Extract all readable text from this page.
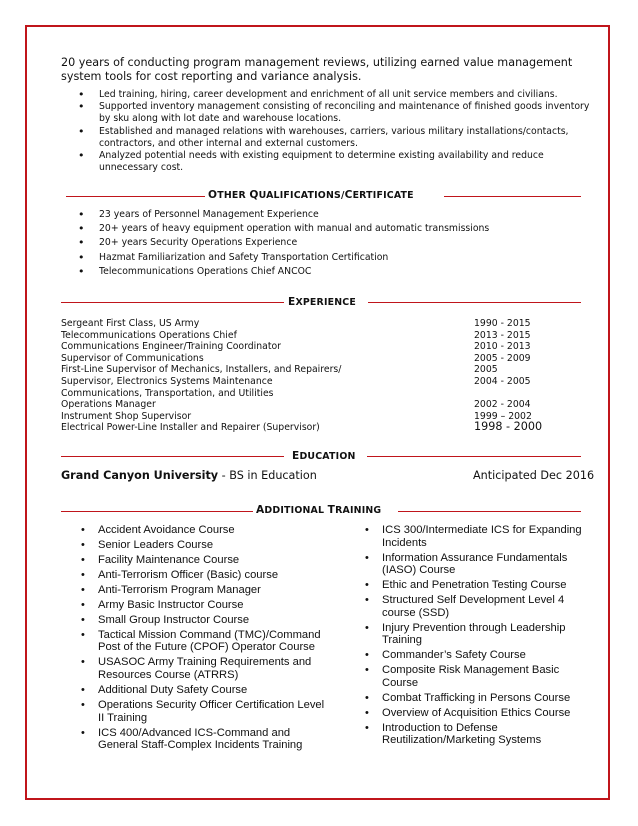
20 years of conducting program management reviews, utilizing earned value management system tools for cost reporting and variance analysis.
• Led training, hiring, career development and enrichment of all unit service members and civilians.
• Supported inventory management consisting of reconciling and maintenance of finished goods inventory by sku along with lot date and warehouse locations.
• Established and managed relations with warehouses, carriers, various military installations/contacts, contractors, and other internal and external customers.
• Analyzed potential needs with existing equipment to determine existing availability and reduce unnecessary cost.
OTHER QUALIFICATIONS/CERTIFICATE
• 23 years of Personnel Management Experience
• 20+ years of heavy equipment operation with manual and automatic transmissions
• 20+ years Security Operations Experience
• Hazmat Familiarization and Safety Transportation Certification
• Telecommunications Operations Chief ANCOC
EXPERIENCE
Sergeant First Class, US Army	1990 - 2015
Telecommunications Operations Chief	2013 - 2015
Communications Engineer/Training Coordinator	2010 - 2013
Supervisor of Communications	2005 - 2009
First-Line Supervisor of Mechanics, Installers, and Repairers/	2005
Supervisor, Electronics Systems Maintenance	2004 - 2005
Communications, Transportation, and Utilities
Operations Manager	2002 - 2004
Instrument Shop Supervisor	1999 – 2002
Electrical Power-Line Installer and Repairer (Supervisor)	1998 - 2000
EDUCATION
Grand Canyon University - BS in Education	Anticipated Dec 2016
ADDITIONAL TRAINING
• Accident Avoidance Course
• Senior Leaders Course
• Facility Maintenance Course
• Anti-Terrorism Officer (Basic) course
• Anti-Terrorism Program Manager
• Army Basic Instructor Course
• Small Group Instructor Course
• Tactical Mission Command (TMC)/Command Post of the Future (CPOF) Operator Course
• USASOC Army Training Requirements and Resources Course (ATRRS)
• Additional Duty Safety Course
• Operations Security Officer Certification Level II Training
• ICS 400/Advanced ICS-Command and General Staff-Complex Incidents Training
• ICS 300/Intermediate ICS for Expanding Incidents
• Information Assurance Fundamentals (IASO) Course
• Ethic and Penetration Testing Course
• Structured Self Development Level 4 course (SSD)
• Injury Prevention through Leadership Training
• Commander’s Safety Course
• Composite Risk Management Basic Course
• Combat Trafficking in Persons Course
• Overview of Acquisition Ethics Course
• Introduction to Defense Reutilization/Marketing Systems
